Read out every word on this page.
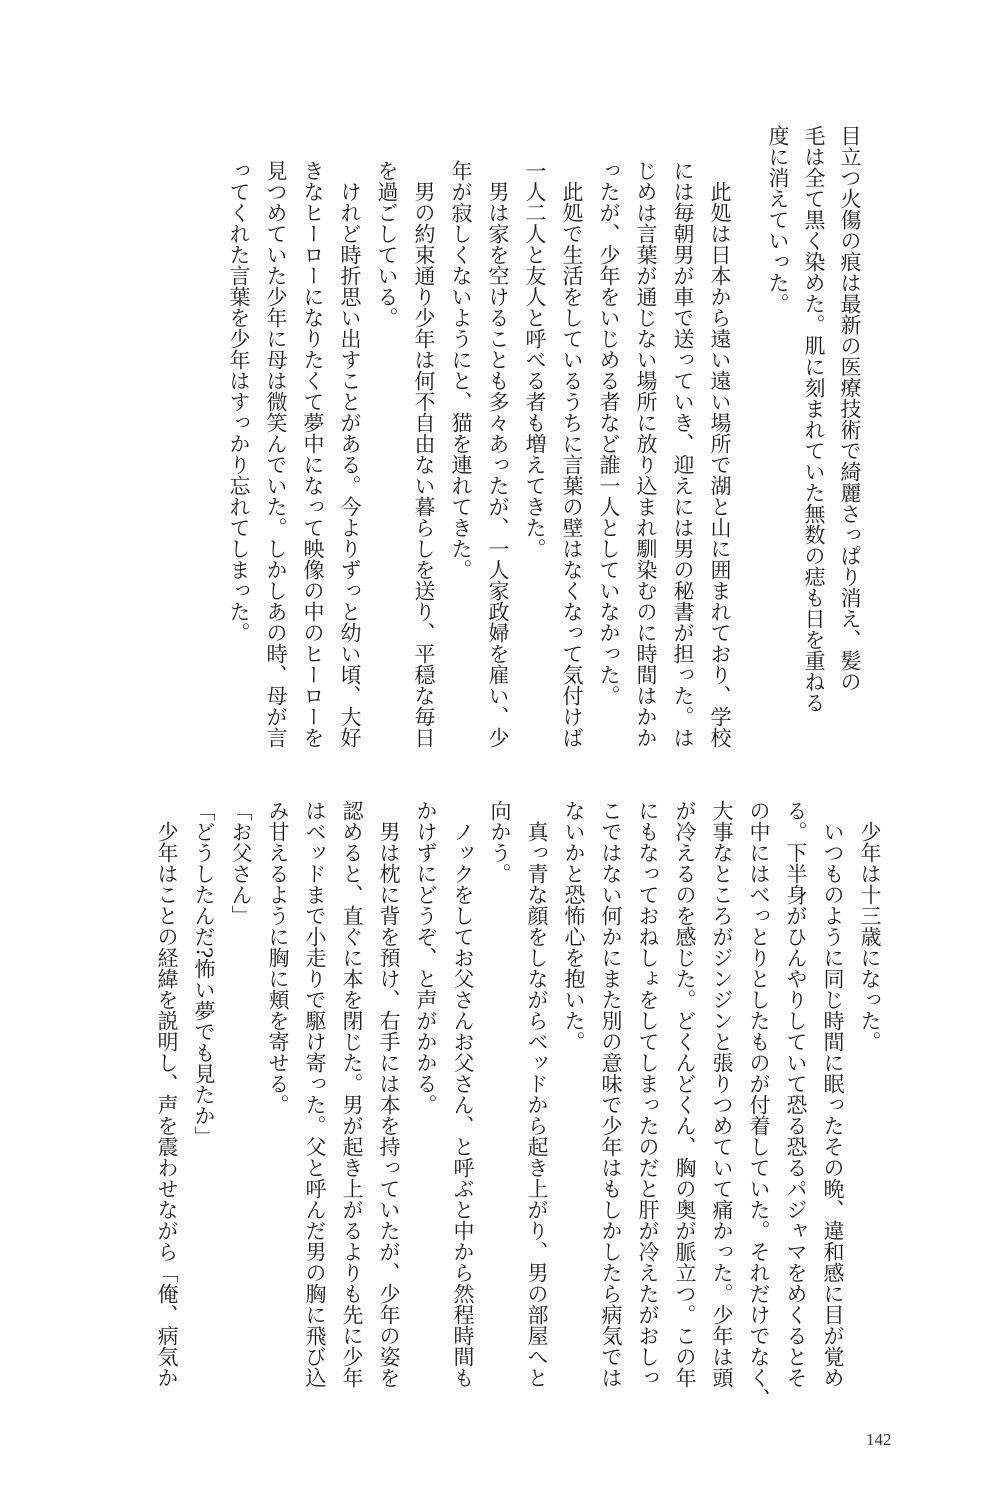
目立つ火傷の痕は最新の医療技術で綺麗さっぱり消え、髪の
毛は全て黒く染めた。肌に刻まれていた無数の痣も日を重ねる
度に消えていった。
此処は日本から遠い遠い場所で湖と山に囲まれており、学校
には毎朝男が車で送っていき、迎えには男の秘書が担った。は
じめは言葉が通じない場所に放り込まれ馴染むのに時間はかか
ったが、少年をいじめる者など誰一人としていなかった。
此処で生活をしているうちに言葉の壁はなくなって気付けば
一人二人と友人と呼べる者も増えてきた。
男は家を空けることも多々あったが、一人家政婦を雇い、少
年が寂しくないようにと、猫を連れてきた。
男の約束通り少年は何不自由ない暮らしを送り、平穏な毎日
を過ごしている。
けれど時折思い出すことがある。今よりずっと幼い頃、大好
きなヒーローになりたくて夢中になって映像の中のヒーローを
見つめていた少年に母は微笑んでいた。しかしあの時、母が言
ってくれた言葉を少年はすっかり忘れてしまった。
少年は十三歳になった。
いつものように同じ時間に眠ったその晩、違和感に目が覚め
る。下半身がひんやりしていて恐る恐るパジャマをめくるとそ
の中にはべっとりとしたものが付着していた。それだけでなく、
大事なところがジンジンと張りつめていて痛かった。少年は頭
が冷えるのを感じた。どくんどくん、胸の奥が脈立つ。この年
にもなっておねしょをしてしまったのだと肝が冷えたがおしっ
こではない何かにまた別の意味で少年はもしかしたら病気では
ないかと恐怖心を抱いた。
真っ青な顔をしながらベッドから起き上がり、男の部屋へと
向かう。
ノックをしてお父さんお父さん、と呼ぶと中から然程時間も
かけずにどうぞ、と声がかかる。
男は枕に背を預け、右手には本を持っていたが、少年の姿を
認めると、直ぐに本を閉じた。男が起き上がるよりも先に少年
はベッドまで小走りで駆け寄った。父と呼んだ男の胸に飛び込
み甘えるように胸に頬を寄せる。
「お父さん」
「どうしたんだ?怖い夢でも見たか」
少年はことの経緯を説明し、声を震わせながら「俺、病気か
142
